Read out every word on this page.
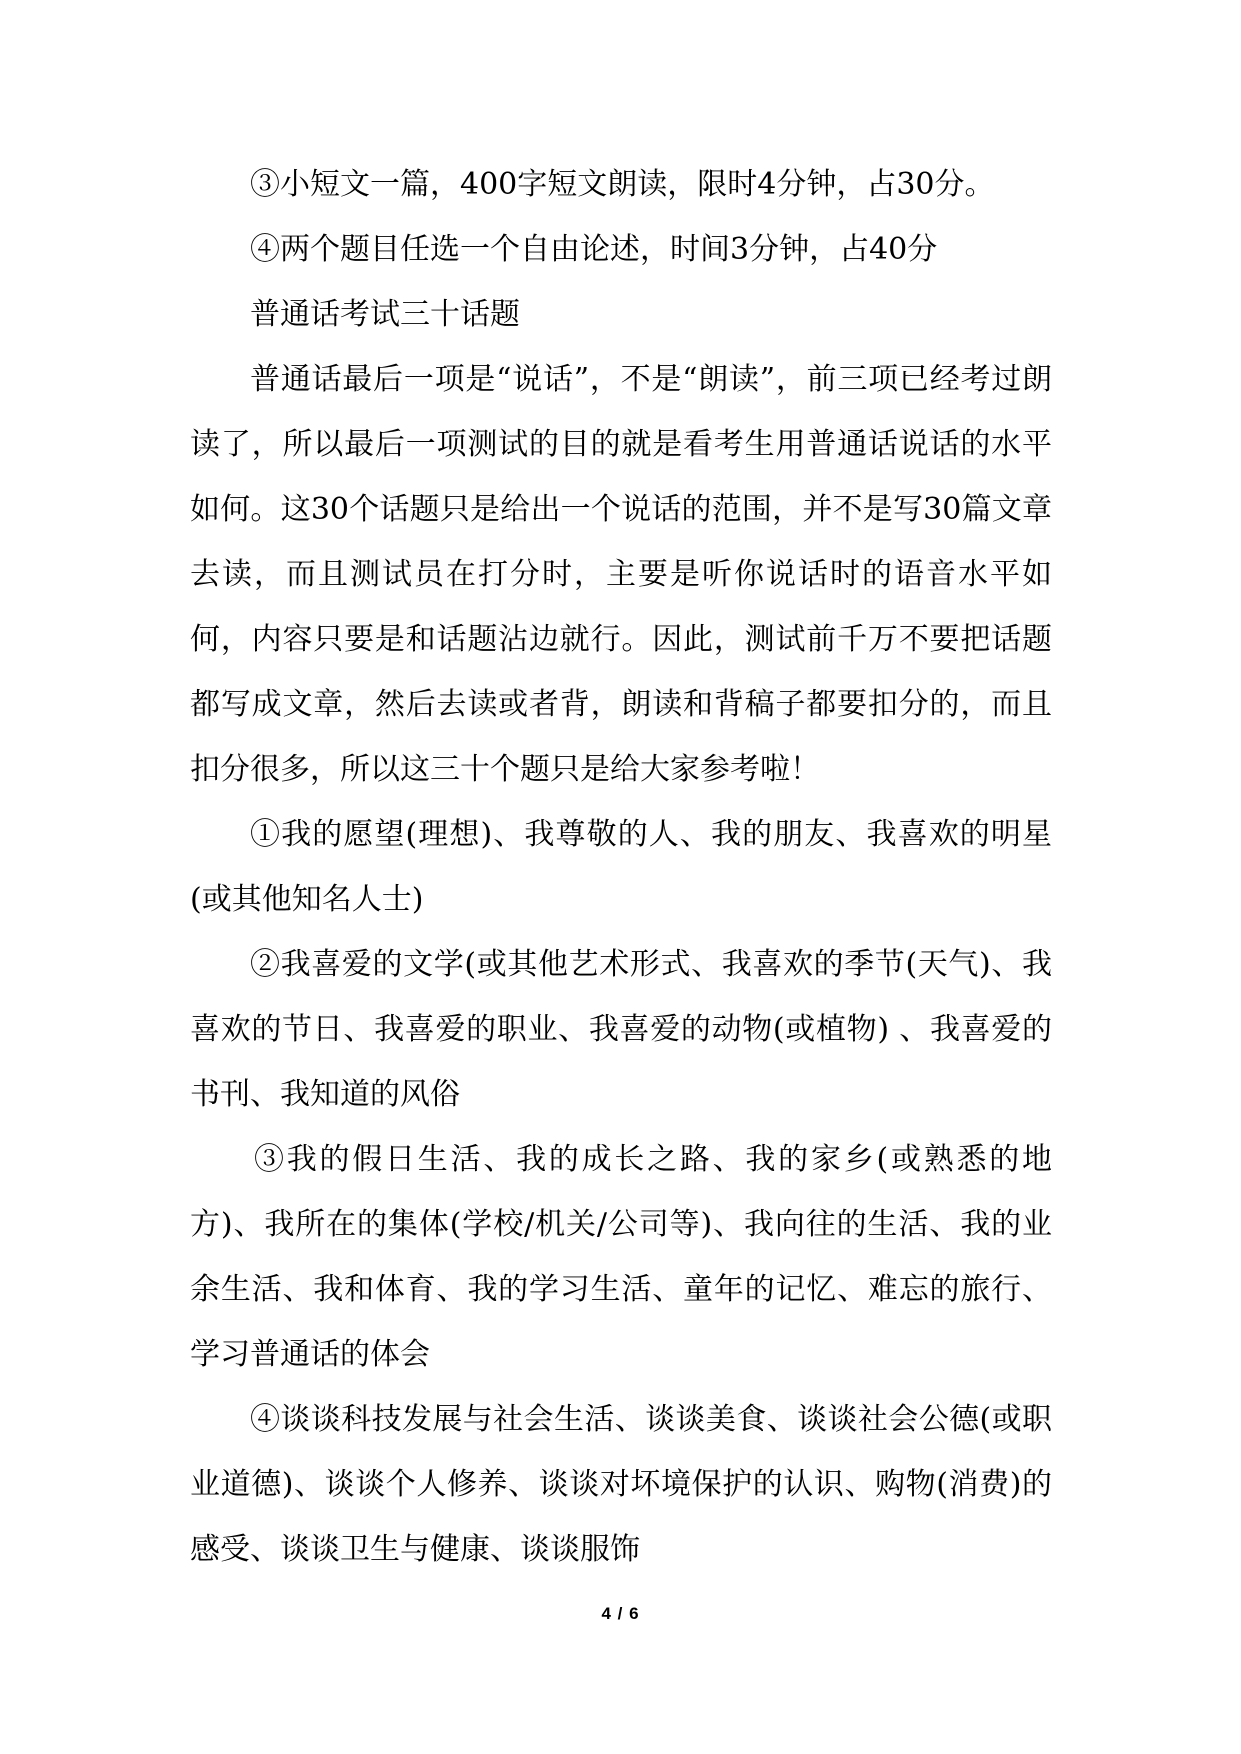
③小短文一篇，400字短文朗读，限时4分钟，占30分。

④两个题目任选一个自由论述，时间3分钟，占40分

普通话考试三十话题

普通话最后一项是“说话”，不是“朗读”，前三项已经考过朗读了，所以最后一项测试的目的就是看考生用普通话说话的水平如何。这30个话题只是给出一个说话的范围，并不是写30篇文章去读，而且测试员在打分时，主要是听你说话时的语音水平如何，内容只要是和话题沾边就行。因此，测试前千万不要把话题都写成文章，然后去读或者背，朗读和背稿子都要扣分的，而且扣分很多，所以这三十个题只是给大家参考啦！

①我的愿望(理想)、我尊敬的人、我的朋友、我喜欢的明星(或其他知名人士)

②我喜爱的文学(或其他艺术形式、我喜欢的季节(天气)、我喜欢的节日、我喜爱的职业、我喜爱的动物(或植物) 、我喜爱的书刊、我知道的风俗

③我的假日生活、我的成长之路、我的家乡(或熟悉的地方)、我所在的集体(学校/机关/公司等)、我向往的生活、我的业余生活、我和体育、我的学习生活、童年的记忆、难忘的旅行、学习普通话的体会

④谈谈科技发展与社会生活、谈谈美食、谈谈社会公德(或职业道德)、谈谈个人修养、谈谈对坏境保护的认识、购物(消费)的感受、谈谈卫生与健康、谈谈服饰

4 / 6
